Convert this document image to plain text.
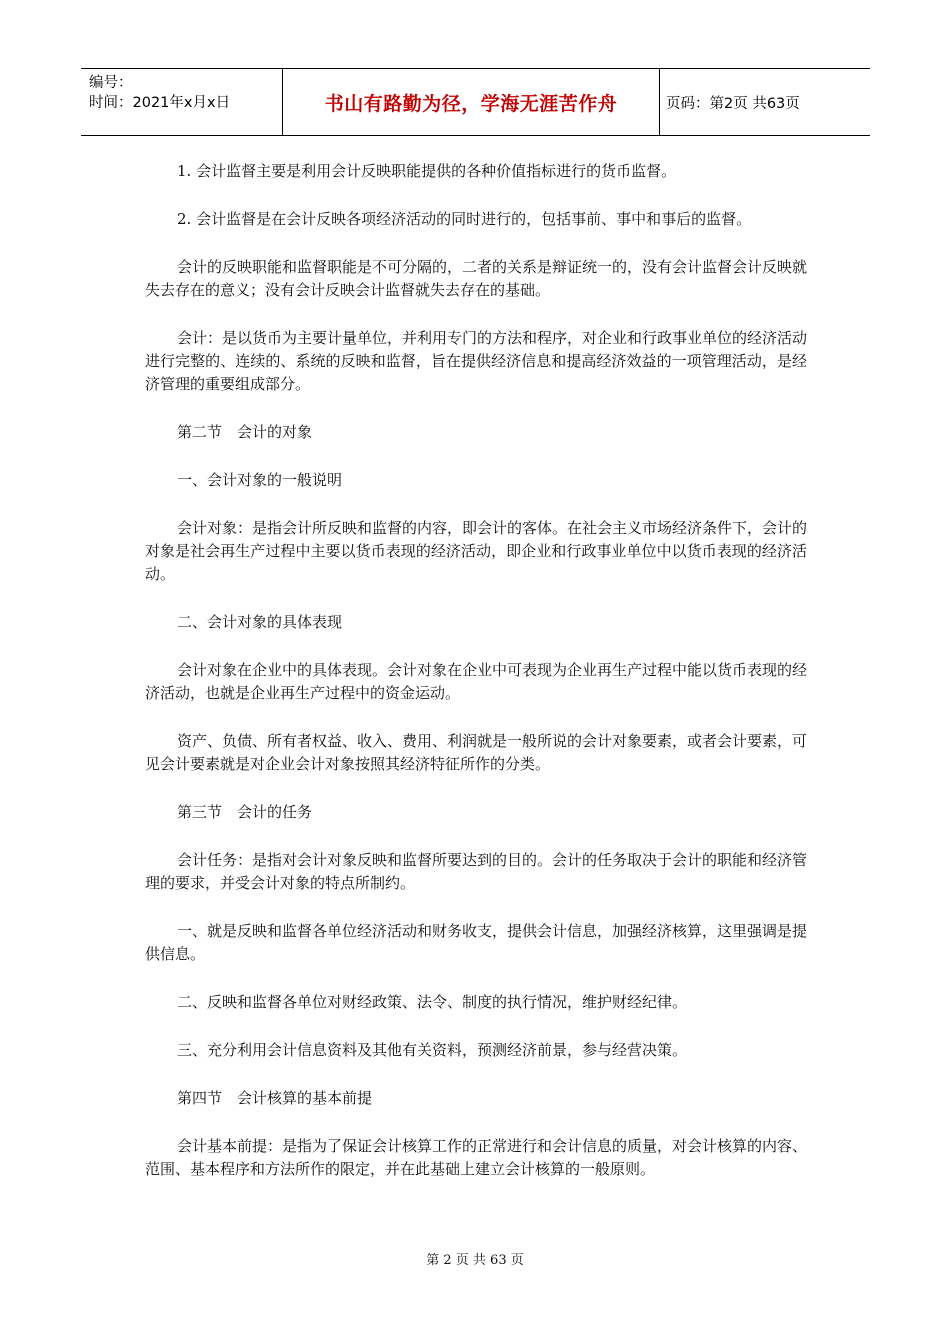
编号：
时间：2021年x月x日	书山有路勤为径，学海无涯苦作舟	页码：第2页 共63页

1. 会计监督主要是利用会计反映职能提供的各种价值指标进行的货币监督。

2. 会计监督是在会计反映各项经济活动的同时进行的，包括事前、事中和事后的监督。

会计的反映职能和监督职能是不可分隔的，二者的关系是辩证统一的，没有会计监督会计反映就失去存在的意义；没有会计反映会计监督就失去存在的基础。

会计：是以货币为主要计量单位，并利用专门的方法和程序，对企业和行政事业单位的经济活动进行完整的、连续的、系统的反映和监督，旨在提供经济信息和提高经济效益的一项管理活动，是经济管理的重要组成部分。

第二节　会计的对象

一、会计对象的一般说明

会计对象：是指会计所反映和监督的内容，即会计的客体。在社会主义市场经济条件下，会计的对象是社会再生产过程中主要以货币表现的经济活动，即企业和行政事业单位中以货币表现的经济活动。

二、会计对象的具体表现

会计对象在企业中的具体表现。会计对象在企业中可表现为企业再生产过程中能以货币表现的经济活动，也就是企业再生产过程中的资金运动。

资产、负债、所有者权益、收入、费用、利润就是一般所说的会计对象要素，或者会计要素，可见会计要素就是对企业会计对象按照其经济特征所作的分类。

第三节　会计的任务

会计任务：是指对会计对象反映和监督所要达到的目的。会计的任务取决于会计的职能和经济管理的要求，并受会计对象的特点所制约。

一、就是反映和监督各单位经济活动和财务收支，提供会计信息，加强经济核算，这里强调是提供信息。

二、反映和监督各单位对财经政策、法令、制度的执行情况，维护财经纪律。

三、充分利用会计信息资料及其他有关资料，预测经济前景，参与经营决策。

第四节　会计核算的基本前提

会计基本前提：是指为了保证会计核算工作的正常进行和会计信息的质量，对会计核算的内容、范围、基本程序和方法所作的限定，并在此基础上建立会计核算的一般原则。

第 2 页 共 63 页
